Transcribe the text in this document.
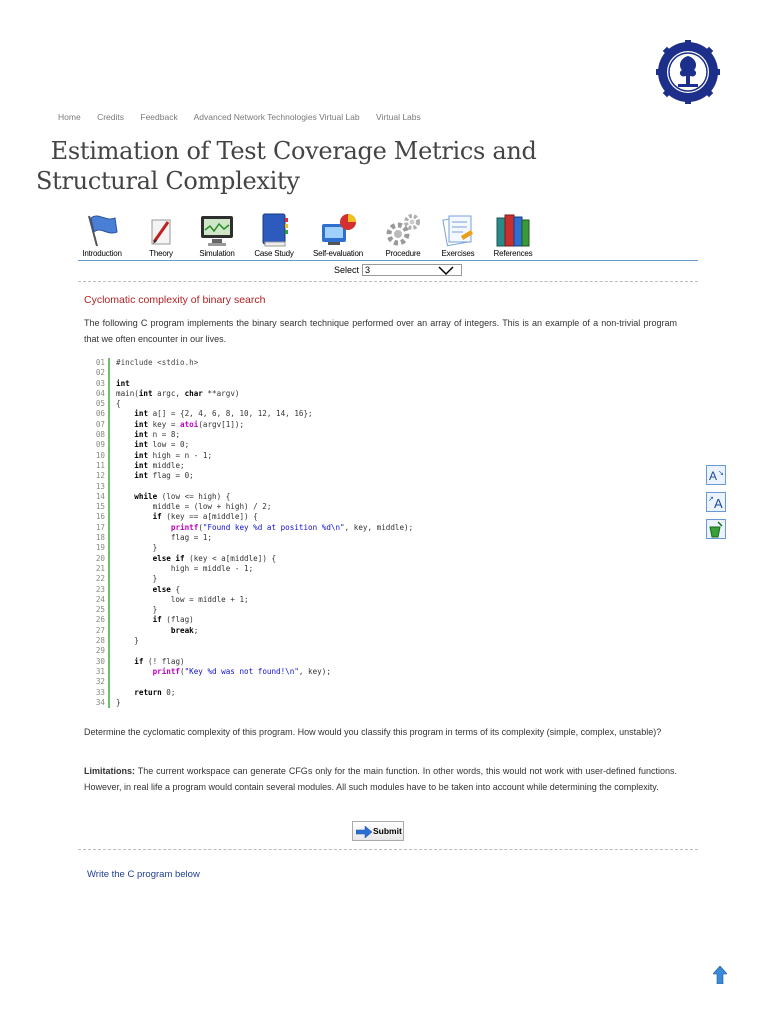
Home Credits Feedback Advanced Network Technologies Virtual Lab Virtual Labs
Estimation of Test Coverage Metrics and Structural Complexity
Introduction	Theory	Simulation	Case Study	Self-evaluation	Procedure	Exercises	References
Select 3
Cyclomatic complexity of binary search
The following C program implements the binary search technique performed over an array of integers. This is an example of a non-trivial program that we often encounter in our lives.
01 #include <stdio.h>
02
03 int
04 main(int argc, char **argv)
05 {
06	int a[] = {2, 4, 6, 8, 10, 12, 14, 16};
07	int key = atoi(argv[1]);
08	int n = 8;
09	int low = 0;
10	int high = n - 1;
11	int middle;
12	int flag = 0;
13
14	while (low <= high) {
15        middle = (low + high) / 2;
16	if (key == a[middle]) {
17	printf("Found key %d at position %d\n", key, middle);
18            flag = 1;
19        }
20	else if (key < a[middle]) {
21            high = middle - 1;
22        }
23	else {
24            low = middle + 1;
25        }
26	if (flag)
27	break;
28    }
29
30	if (! flag)
31	printf("Key %d was not found!\n", key);
32
33	return 0;
34 }
Determine the cyclomatic complexity of this program. How would you classify this program in terms of its complexity (simple, complex, unstable)?
Limitations: The current workspace can generate CFGs only for the main function. In other words, this would not work with user-defined functions. However, in real life a program would contain several modules. All such modules have to be taken into account while determining the complexity.
Submit
Write the C program below
A ↘
A
↗
